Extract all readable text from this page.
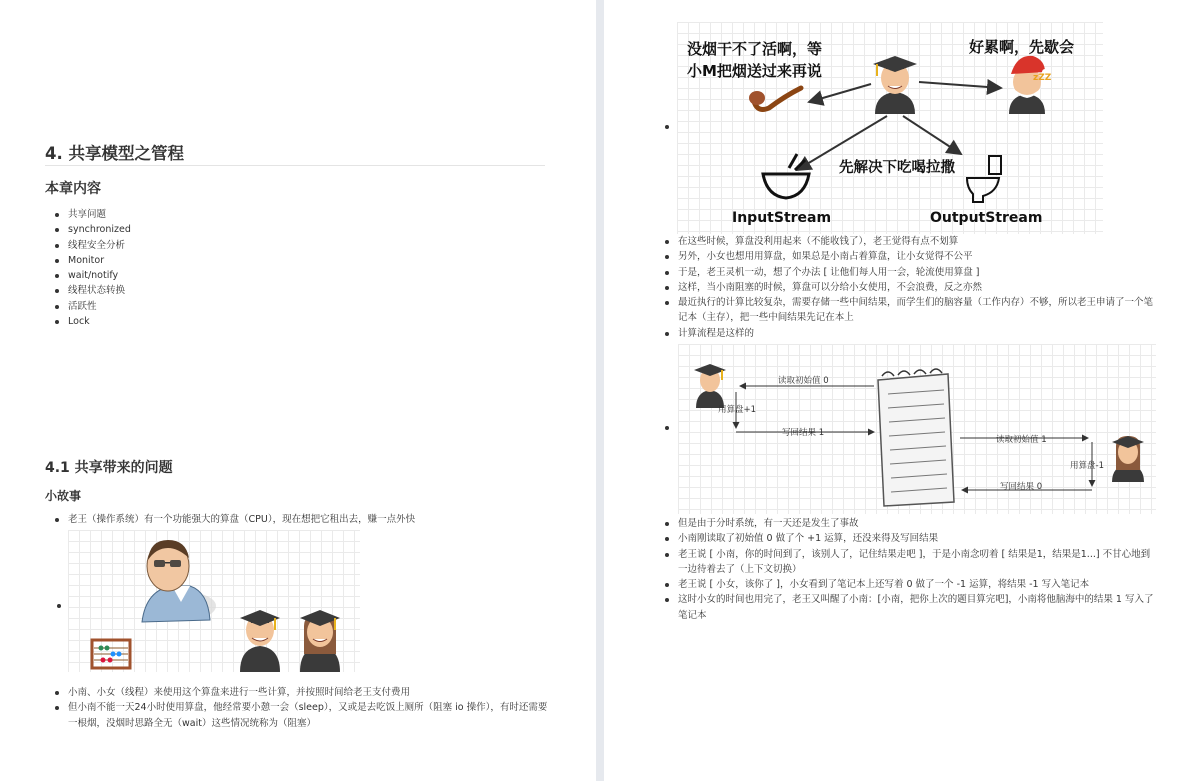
4. 共享模型之管程
本章内容
共享问题
synchronized
线程安全分析
Monitor
wait/notify
线程状态转换
活跃性
Lock
4.1 共享带来的问题
小故事
老王（操作系统）有一个功能强大的算盘（CPU），现在想把它租出去，赚一点外快
小南、小女（线程）来使用这个算盘来进行一些计算，并按照时间给老王支付费用
但小南不能一天24小时使用算盘，他经常要小憩一会（sleep），又或是去吃饭上厕所（阻塞 io 操作），有时还需要一根烟，没烟时思路全无（wait）这些情况统称为（阻塞）
没烟干不了活啊，等
小M把烟送过来再说
好累啊，先歇会
zZZ
先解决下吃喝拉撒
InputStream	OutputStream
在这些时候，算盘没利用起来（不能收钱了），老王觉得有点不划算
另外，小女也想用用算盘，如果总是小南占着算盘，让小女觉得不公平
于是，老王灵机一动，想了个办法 [ 让他们每人用一会，轮流使用算盘 ]
这样，当小南阻塞的时候，算盘可以分给小女使用，不会浪费，反之亦然
最近执行的计算比较复杂，需要存储一些中间结果，而学生们的脑容量（工作内存）不够，所以老王申请了一个笔记本（主存），把一些中间结果先记在本上
计算流程是这样的
读取初始值 0
用算盘+1
写回结果 1
读取初始值 1
用算盘-1
写回结果 0
但是由于分时系统，有一天还是发生了事故
小南刚读取了初始值 0 做了个 +1 运算，还没来得及写回结果
老王说 [ 小南，你的时间到了，该别人了，记住结果走吧 ]，于是小南念叨着 [ 结果是1，结果是1...] 不甘心地到一边待着去了（上下文切换）
老王说 [ 小女，该你了 ]，小女看到了笔记本上还写着 0 做了一个 -1 运算，将结果 -1 写入笔记本
这时小女的时间也用完了，老王又叫醒了小南：[小南，把你上次的题目算完吧]，小南将他脑海中的结果 1 写入了笔记本
